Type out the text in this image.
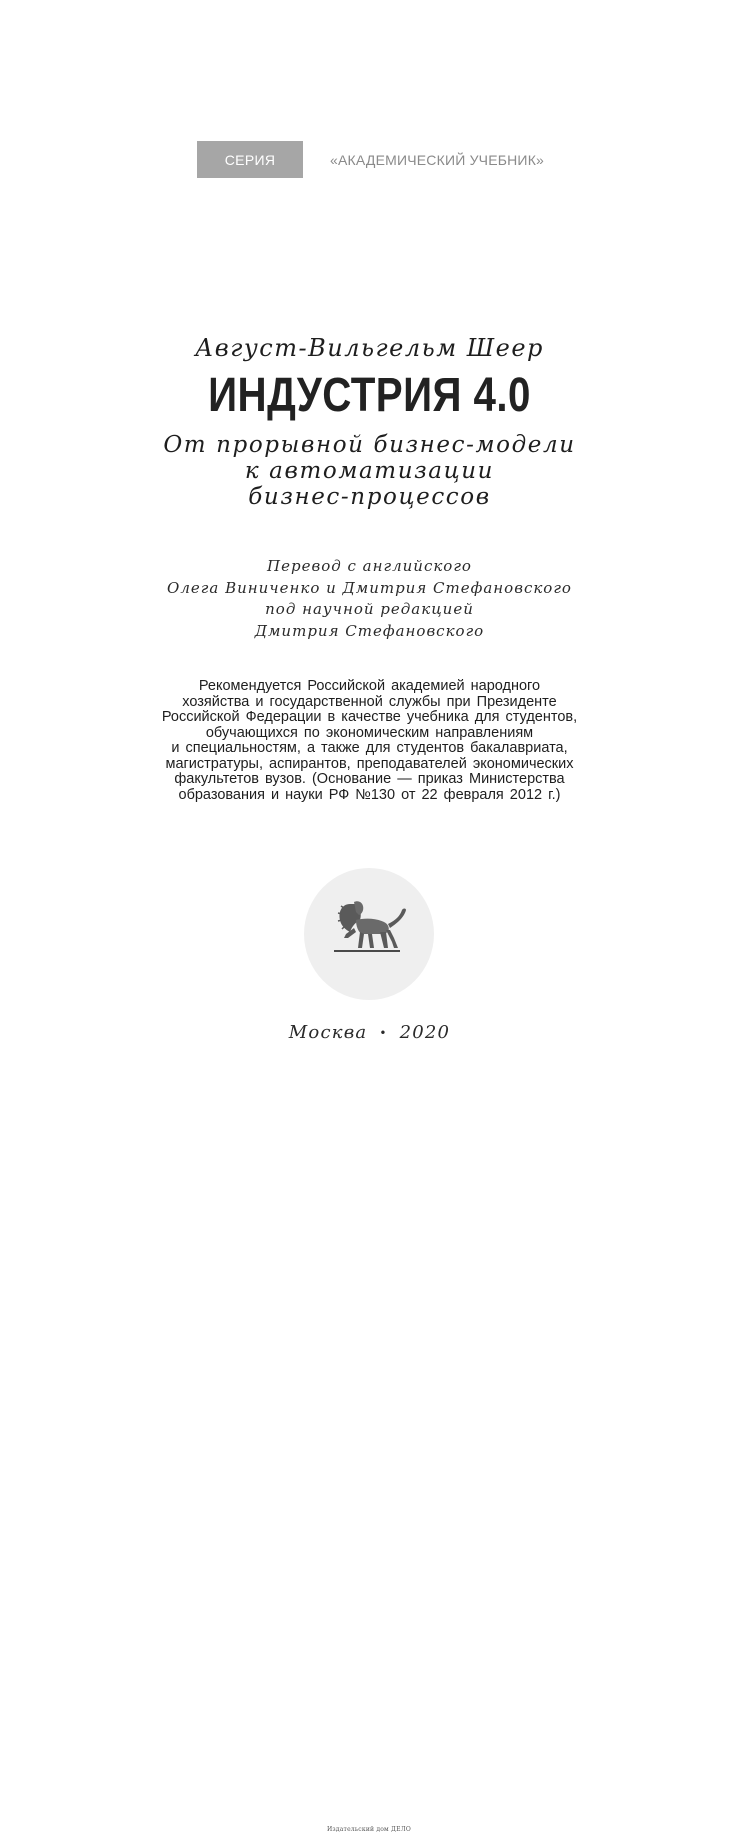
СЕРИЯ	«АКАДЕМИЧЕСКИЙ УЧЕБНИК»
Август-Вильгельм Шеер
ИНДУСТРИЯ 4.0
От прорывной бизнес-модели
к автоматизации
бизнес-процессов
Перевод с английского
Олега Виниченко и Дмитрия Стефановского
под научной редакцией
Дмитрия Стефановского
Рекомендуется Российской академией народного
хозяйства и государственной службы при Президенте
Российской Федерации в качестве учебника для студентов,
обучающихся по экономическим направлениям
и специальностям, а также для студентов бакалавриата,
магистратуры, аспирантов, преподавателей экономических
факультетов вузов. (Основание — приказ Министерства
образования и науки РФ №130 от 22 февраля 2012 г.)
Издательский дом ДЕЛО
Москва • 2020
